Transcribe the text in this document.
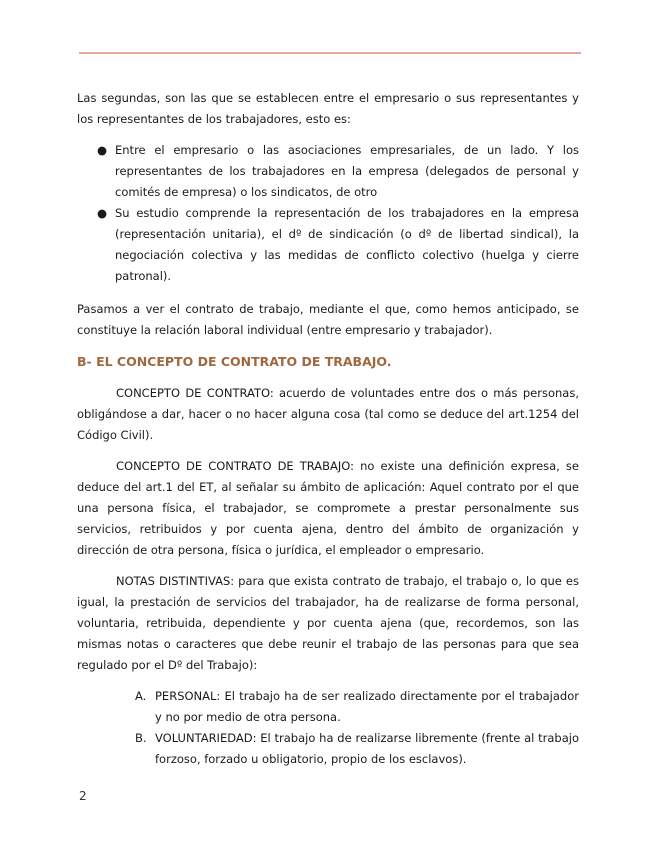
Las segundas, son las que se establecen entre el empresario o sus representantes y los representantes de los trabajadores, esto es:

● Entre el empresario o las asociaciones empresariales, de un lado. Y los representantes de los trabajadores en la empresa (delegados de personal y comités de empresa) o los sindicatos, de otro
● Su estudio comprende la representación de los trabajadores en la empresa (representación unitaria), el dº de sindicación (o dº de libertad sindical), la negociación colectiva y las medidas de conflicto colectivo (huelga y cierre patronal).

Pasamos a ver el contrato de trabajo, mediante el que, como hemos anticipado, se constituye la relación laboral individual (entre empresario y trabajador).

B- EL CONCEPTO DE CONTRATO DE TRABAJO.

CONCEPTO DE CONTRATO: acuerdo de voluntades entre dos o más personas, obligándose a dar, hacer o no hacer alguna cosa (tal como se deduce del art.1254 del Código Civil).

CONCEPTO DE CONTRATO DE TRABAJO: no existe una definición expresa, se deduce del art.1 del ET, al señalar su ámbito de aplicación: Aquel contrato por el que una persona física, el trabajador, se compromete a prestar personalmente sus servicios, retribuidos y por cuenta ajena, dentro del ámbito de organización y dirección de otra persona, física o jurídica, el empleador o empresario.

NOTAS DISTINTIVAS: para que exista contrato de trabajo, el trabajo o, lo que es igual, la prestación de servicios del trabajador, ha de realizarse de forma personal, voluntaria, retribuida, dependiente y por cuenta ajena (que, recordemos, son las mismas notas o caracteres que debe reunir el trabajo de las personas para que sea regulado por el Dº del Trabajo):

A. PERSONAL: El trabajo ha de ser realizado directamente por el trabajador y no por medio de otra persona.
B. VOLUNTARIEDAD: El trabajo ha de realizarse libremente (frente al trabajo forzoso, forzado u obligatorio, propio de los esclavos).
2
